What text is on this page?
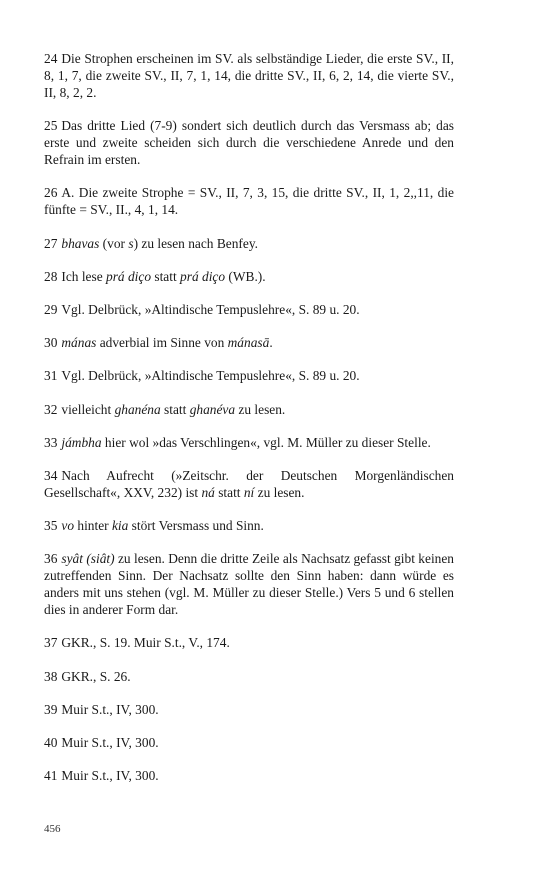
24 Die Strophen erscheinen im SV. als selbständige Lieder, die erste SV., II, 8, 1, 7, die zweite SV., II, 7, 1, 14, die dritte SV., II, 6, 2, 14, die vierte SV., II, 8, 2, 2.

25 Das dritte Lied (7-9) sondert sich deutlich durch das Versmass ab; das erste und zweite scheiden sich durch die verschiedene Anrede und den Refrain im ersten.

26 A. Die zweite Strophe = SV., II, 7, 3, 15, die dritte SV., II, 1, 2,,11, die fünfte = SV., II., 4, 1, 14.

27 bhavas (vor s) zu lesen nach Benfey.

28 Ich lese prá diço statt prá diço (WB.).

29 Vgl. Delbrück, »Altindische Tempuslehre«, S. 89 u. 20.

30 mánas adverbial im Sinne von mánasā.

31 Vgl. Delbrück, »Altindische Tempuslehre«, S. 89 u. 20.

32 vielleicht ghanéna statt ghanéva zu lesen.

33 jámbha hier wol »das Verschlingen«, vgl. M. Müller zu dieser Stelle.

34 Nach Aufrecht (»Zeitschr. der Deutschen Morgenländischen Gesellschaft«, XXV, 232) ist ná statt ní zu lesen.

35 vo hinter kia stört Versmass und Sinn.

36 syât (siât) zu lesen. Denn die dritte Zeile als Nachsatz gefasst gibt keinen zutreffenden Sinn. Der Nachsatz sollte den Sinn haben: dann würde es anders mit uns stehen (vgl. M. Müller zu dieser Stelle.) Vers 5 und 6 stellen dies in anderer Form dar.

37 GKR., S. 19. Muir S.t., V., 174.

38 GKR., S. 26.

39 Muir S.t., IV, 300.

40 Muir S.t., IV, 300.

41 Muir S.t., IV, 300.

456
